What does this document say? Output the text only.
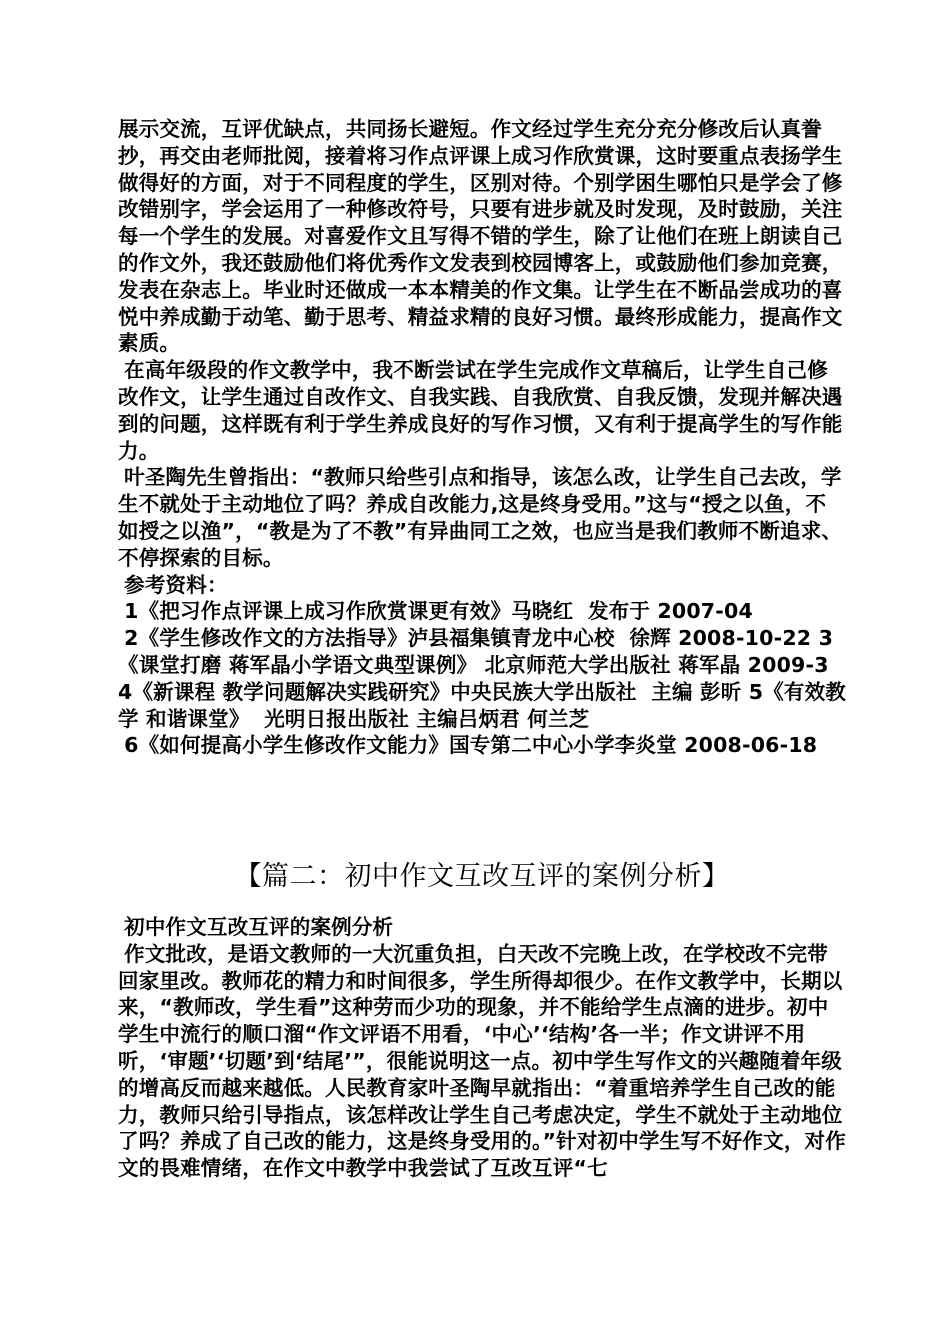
展示交流，互评优缺点，共同扬长避短。作文经过学生充分充分修改后认真誊抄，再交由老师批阅，接着将习作点评课上成习作欣赏课，这时要重点表扬学生做得好的方面，对于不同程度的学生，区别对待。个别学困生哪怕只是学会了修改错别字，学会运用了一种修改符号，只要有进步就及时发现，及时鼓励，关注每一个学生的发展。对喜爱作文且写得不错的学生，除了让他们在班上朗读自己的作文外，我还鼓励他们将优秀作文发表到校园博客上，或鼓励他们参加竞赛，发表在杂志上。毕业时还做成一本本精美的作文集。让学生在不断品尝成功的喜悦中养成勤于动笔、勤于思考、精益求精的良好习惯。最终形成能力，提高作文素质。

在高年级段的作文教学中，我不断尝试在学生完成作文草稿后，让学生自己修改作文，让学生通过自改作文、自我实践、自我欣赏、自我反馈，发现并解决遇到的问题，这样既有利于学生养成良好的写作习惯，又有利于提高学生的写作能力。

叶圣陶先生曾指出：“教师只给些引点和指导，该怎么改，让学生自己去改，学生不就处于主动地位了吗？养成自改能力,这是终身受用。”这与“授之以鱼，不如授之以渔”，“教是为了不教”有异曲同工之效，也应当是我们教师不断追求、不停探索的目标。

参考资料：

1《把习作点评课上成习作欣赏课更有效》马晓红  发布于 2007-04

2《学生修改作文的方法指导》泸县福集镇青龙中心校  徐辉 2008-10-22 3《课堂打磨 蒋军晶小学语文典型课例》 北京师范大学出版社 蒋军晶 2009-3 4《新课程 教学问题解决实践研究》中央民族大学出版社  主编 彭昕 5《有效教学 和谐课堂》  光明日报出版社 主编吕炳君 何兰芝

6《如何提高小学生修改作文能力》国专第二中心小学李炎堂 2008-06-18

【篇二：初中作文互改互评的案例分析】

初中作文互改互评的案例分析

作文批改，是语文教师的一大沉重负担，白天改不完晚上改，在学校改不完带回家里改。教师花的精力和时间很多，学生所得却很少。在作文教学中，长期以来，“教师改，学生看”这种劳而少功的现象，并不能给学生点滴的进步。初中学生中流行的顺口溜“作文评语不用看，‘中心’‘结构’各一半；作文讲评不用听，‘审题’‘切题’到‘结尾’”，很能说明这一点。初中学生写作文的兴趣随着年级的增高反而越来越低。人民教育家叶圣陶早就指出：“着重培养学生自己改的能力，教师只给引导指点，该怎样改让学生自己考虑决定，学生不就处于主动地位了吗？养成了自己改的能力，这是终身受用的。”针对初中学生写不好作文，对作文的畏难情绪，在作文中教学中我尝试了互改互评“七
